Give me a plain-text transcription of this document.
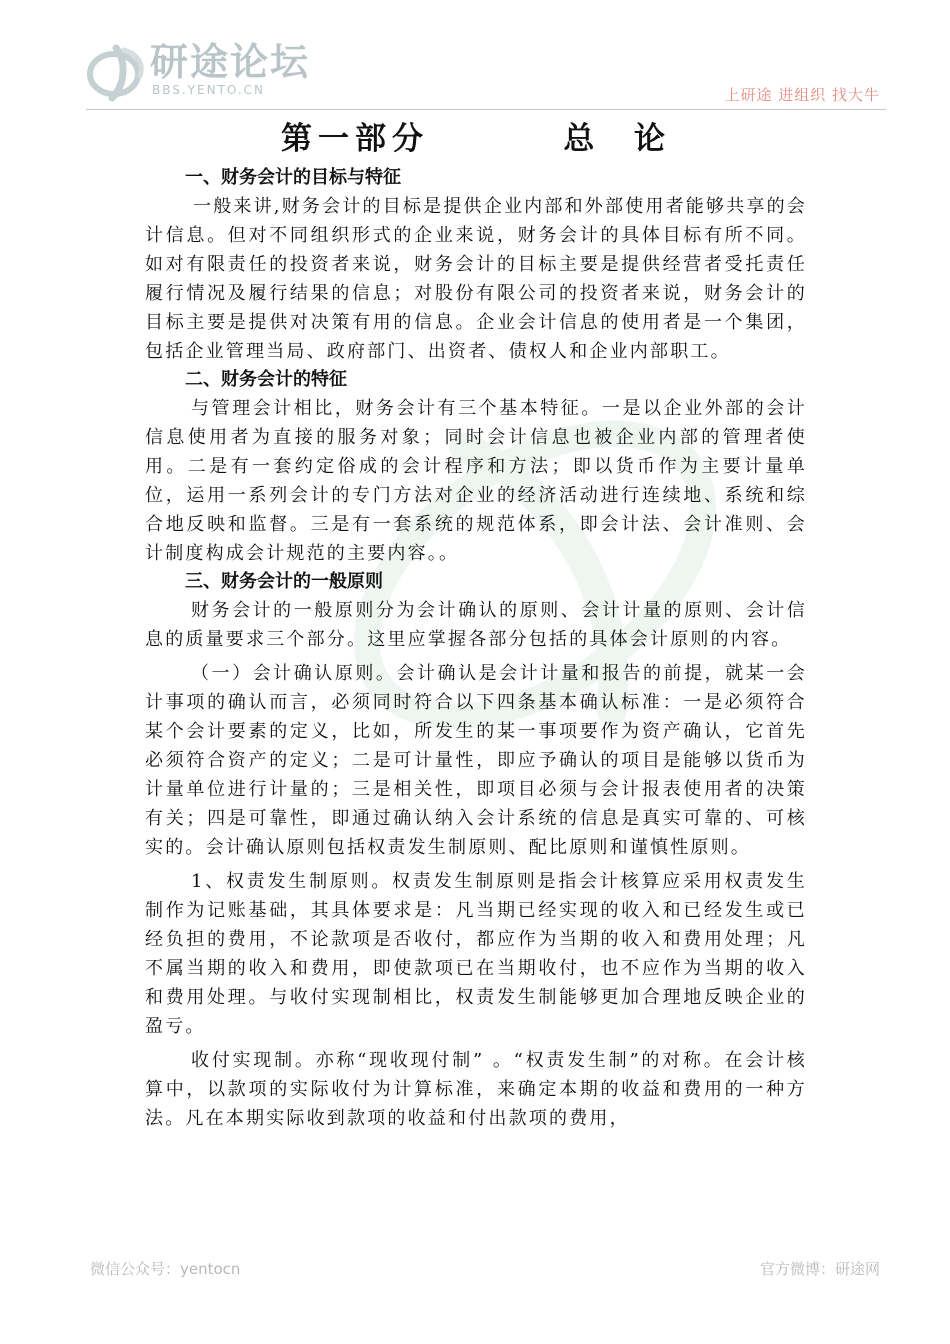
研途论坛
BBS.YENTO.CN	上研途 进组织 找大牛
第一部分        总  论
一、财务会计的目标与特征

一般来讲,财务会计的目标是提供企业内部和外部使用者能够共享的会计信息。但对不同组织形式的企业来说，财务会计的具体目标有所不同。如对有限责任的投资者来说，财务会计的目标主要是提供经营者受托责任履行情况及履行结果的信息；对股份有限公司的投资者来说，财务会计的目标主要是提供对决策有用的信息。企业会计信息的使用者是一个集团，包括企业管理当局、政府部门、出资者、债权人和企业内部职工。

二、财务会计的特征

与管理会计相比，财务会计有三个基本特征。一是以企业外部的会计信息使用者为直接的服务对象；同时会计信息也被企业内部的管理者使用。二是有一套约定俗成的会计程序和方法；即以货币作为主要计量单位，运用一系列会计的专门方法对企业的经济活动进行连续地、系统和综合地反映和监督。三是有一套系统的规范体系，即会计法、会计准则、会计制度构成会计规范的主要内容。。

三、财务会计的一般原则

财务会计的一般原则分为会计确认的原则、会计计量的原则、会计信息的质量要求三个部分。这里应掌握各部分包括的具体会计原则的内容。

（一）会计确认原则。会计确认是会计计量和报告的前提，就某一会计事项的确认而言，必须同时符合以下四条基本确认标准：一是必须符合某个会计要素的定义，比如，所发生的某一事项要作为资产确认，它首先必须符合资产的定义；二是可计量性，即应予确认的项目是能够以货币为计量单位进行计量的；三是相关性，即项目必须与会计报表使用者的决策有关；四是可靠性，即通过确认纳入会计系统的信息是真实可靠的、可核实的。会计确认原则包括权责发生制原则、配比原则和谨慎性原则。

1、权责发生制原则。权责发生制原则是指会计核算应采用权责发生制作为记账基础，其具体要求是：凡当期已经实现的收入和已经发生或已经负担的费用，不论款项是否收付，都应作为当期的收入和费用处理；凡不属当期的收入和费用，即使款项已在当期收付，也不应作为当期的收入和费用处理。与收付实现制相比，权责发生制能够更加合理地反映企业的盈亏。

收付实现制。亦称“现收现付制” 。“权责发生制”的对称。在会计核算中，以款项的实际收付为计算标准，来确定本期的收益和费用的一种方法。凡在本期实际收到款项的收益和付出款项的费用，

微信公众号：yentocn	官方微博：研途网
